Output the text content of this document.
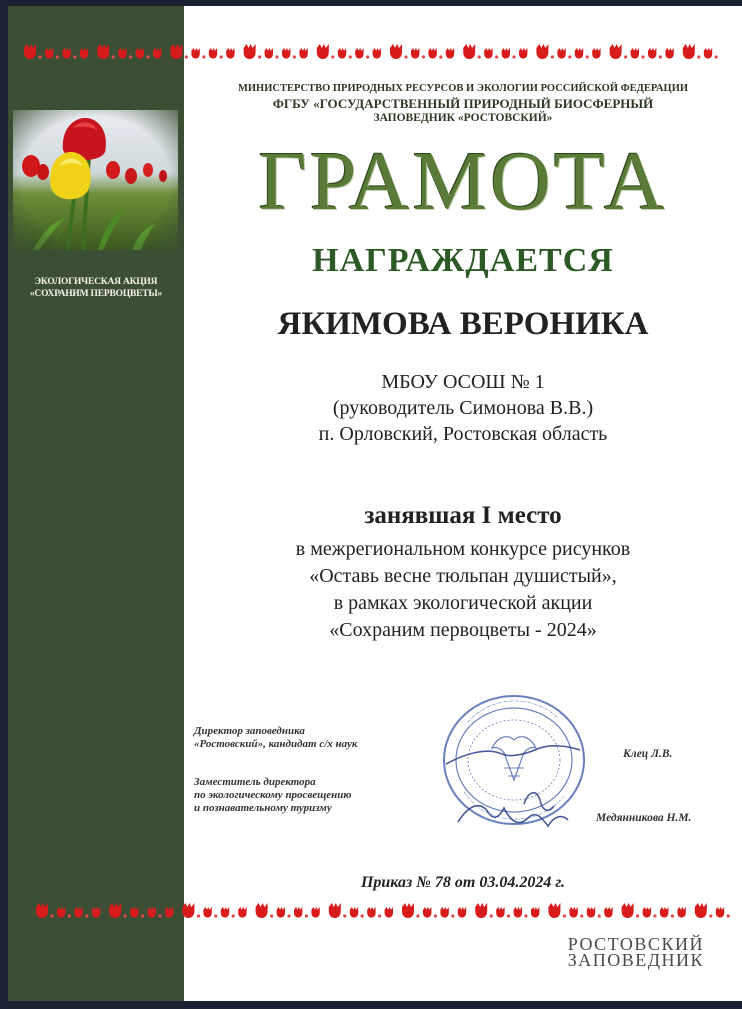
ЭКОЛОГИЧЕСКАЯ АКЦИЯ
«СОХРАНИМ ПЕРВОЦВЕТЫ»
МИНИСТЕРСТВО ПРИРОДНЫХ РЕСУРСОВ И ЭКОЛОГИИ РОССИЙСКОЙ ФЕДЕРАЦИИ
ФГБУ «ГОСУДАРСТВЕННЫЙ ПРИРОДНЫЙ БИОСФЕРНЫЙ
ЗАПОВЕДНИК «РОСТОВСКИЙ»
ГРАМОТА
НАГРАЖДАЕТСЯ
ЯКИМОВА ВЕРОНИКА
МБОУ ОСОШ № 1
(руководитель Симонова В.В.)
п. Орловский, Ростовская область
занявшая I место
в межрегиональном конкурсе рисунков
«Оставь весне тюльпан душистый»,
в рамках экологической акции
«Сохраним первоцветы - 2024»
Директор заповедника
«Ростовский», кандидат с/х наук
Клец Л.В.
Заместитель директора
по экологическому просвещению
и познавательному туризму
Медянникова Н.М.
Приказ № 78 от 03.04.2024 г.
РОСТОВСКИЙ
ЗАПОВЕДНИК
